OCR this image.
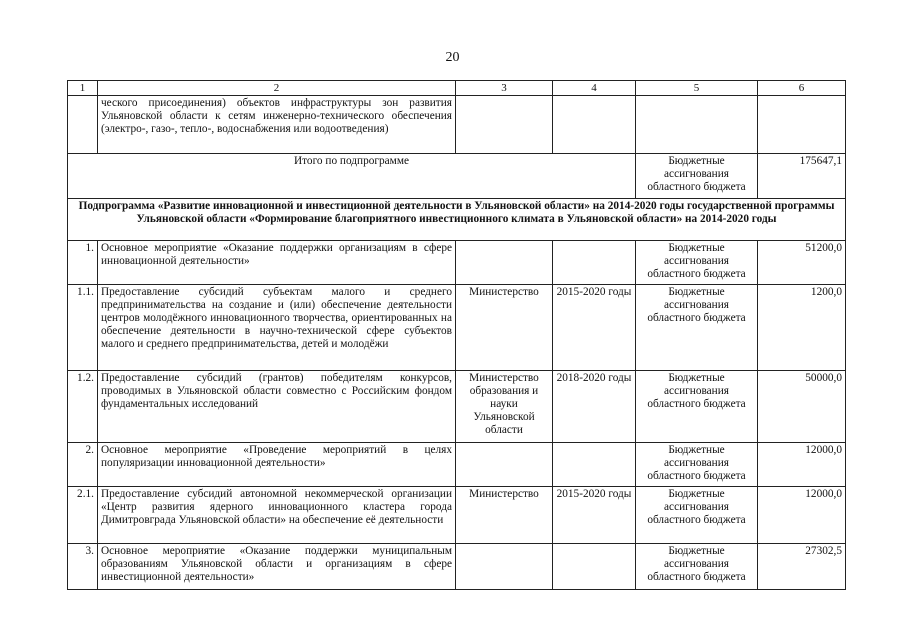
20
1	2	3	4	5	6
	ческого присоединения) объектов инфраструктуры зон развития Ульяновской области к сетям инженерно-технического обеспечения (электро-, газо-, тепло-, водоснабжения или водоотведения)				
Итого по подпрограмме				Бюджетные ассигнования областного бюджета	175647,1
Подпрограмма «Развитие инновационной и инвестиционной деятельности в Ульяновской области» на 2014-2020 годы государственной программы Ульяновской области «Формирование благоприятного инвестиционного климата в Ульяновской области» на 2014-2020 годы					
1.	Основное мероприятие «Оказание поддержки организациям в сфере инновационной деятельности»			Бюджетные ассигнования областного бюджета	51200,0
1.1.	Предоставление субсидий субъектам малого и среднего предпринимательства на создание и (или) обеспечение деятельности центров молодёжного инновационного творчества, ориентированных на обеспечение деятельности в научно-технической сфере субъектов малого и среднего предпринимательства, детей и молодёжи	Министерство	2015-2020 годы	Бюджетные ассигнования областного бюджета	1200,0
1.2.	Предоставление субсидий (грантов) победителям конкурсов, проводимых в Ульяновской области совместно с Российским фондом фундаментальных исследований	Министерство образования и науки Ульяновской области	2018-2020 годы	Бюджетные ассигнования областного бюджета	50000,0
2.	Основное мероприятие «Проведение мероприятий в целях популяризации инновационной деятельности»			Бюджетные ассигнования областного бюджета	12000,0
2.1.	Предоставление субсидий автономной некоммерческой организации «Центр развития ядерного инновационного кластера города Димитровграда Ульяновской области» на обеспечение её деятельности	Министерство	2015-2020 годы	Бюджетные ассигнования областного бюджета	12000,0
3.	Основное мероприятие «Оказание поддержки муниципальным образованиям Ульяновской области и организациям в сфере инвестиционной деятельности»			Бюджетные ассигнования областного бюджета	27302,5
